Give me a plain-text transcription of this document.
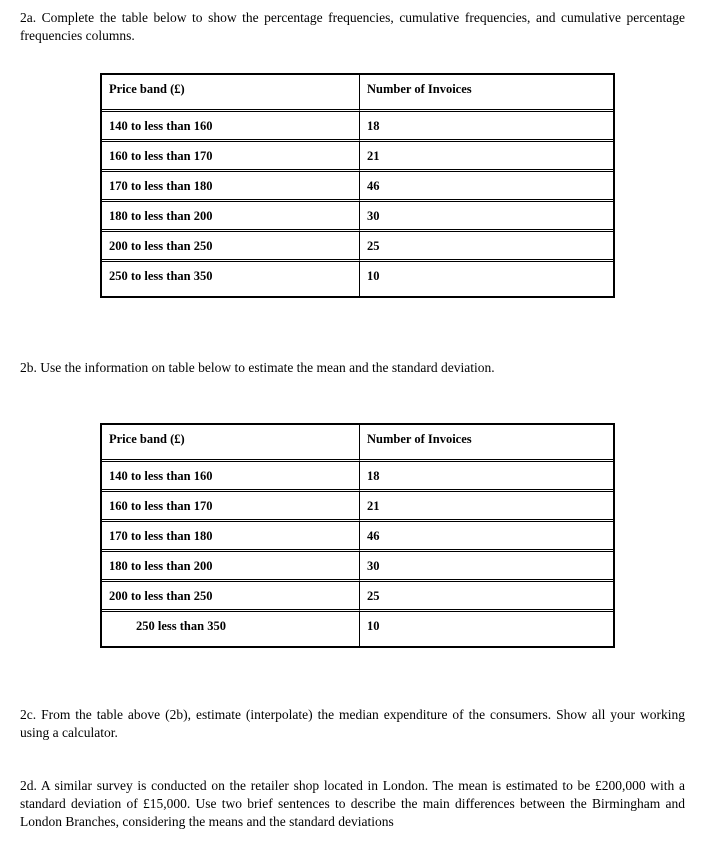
2a. Complete the table below to show the percentage frequencies, cumulative frequencies, and cumulative percentage frequencies columns.

Price band (£)	Number of Invoices
140 to less than 160	18
160 to less than 170	21
170 to less than 180	46
180 to less than 200	30
200 to less than 250	25
250 to less than 350	10

2b. Use the information on table below to estimate the mean and the standard deviation.

Price band (£)	Number of Invoices
140 to less than 160	18
160 to less than 170	21
170 to less than 180	46
180 to less than 200	30
200 to less than 250	25
250 less than 350	10

2c. From the table above (2b), estimate (interpolate) the median expenditure of the consumers. Show all your working using a calculator.

2d. A similar survey is conducted on the retailer shop located in London. The mean is estimated to be £200,000 with a standard deviation of £15,000. Use two brief sentences to describe the main differences between the Birmingham and London Branches, considering the means and the standard deviations
